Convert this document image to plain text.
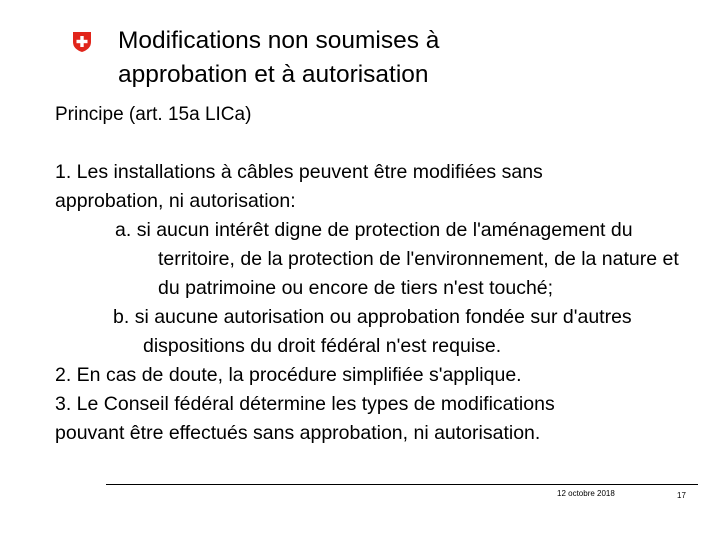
Modifications non soumises à
approbation et à autorisation
Principe (art. 15a LICa)

1. Les installations à câbles peuvent être modifiées sans
approbation, ni autorisation:

a. si aucun intérêt digne de protection de l'aménagement du territoire, de la protection de l'environnement, de la nature et du patrimoine ou encore de tiers n'est touché;

b. si aucune autorisation ou approbation fondée sur d'autres dispositions du droit fédéral n'est requise.

2. En cas de doute, la procédure simplifiée s'applique.

3. Le Conseil fédéral détermine les types de modifications
pouvant être effectués sans approbation, ni autorisation.

12 octobre 2018	17
